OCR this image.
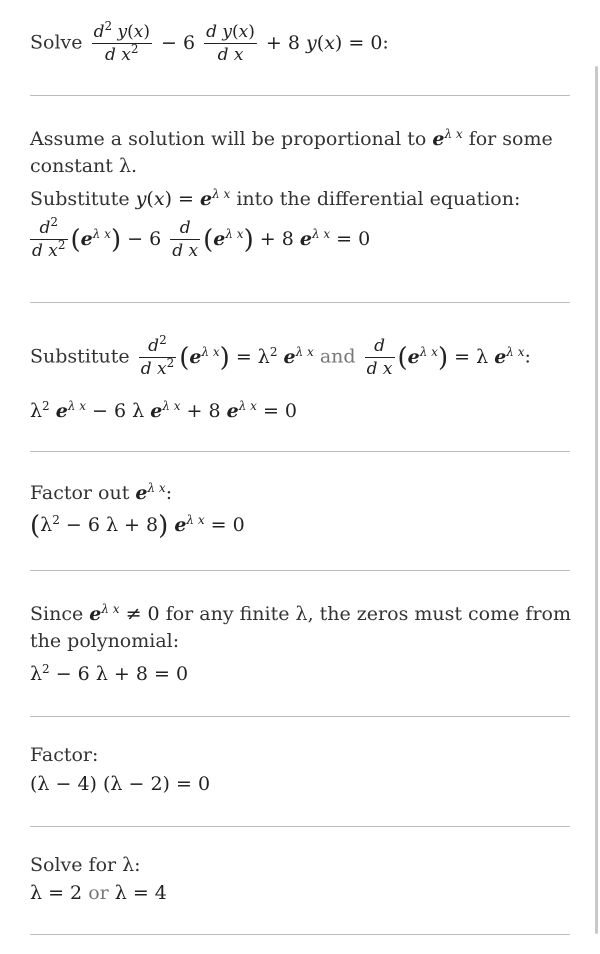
Solve $\frac{d^2 y(x)}{d x^2} - 6 \frac{\text{d y(x)}}{\text{d x}} + 8$ y(x) = 0:
Assume a solution will be proportional to $e^{\lambda x}$ for some
constant λ.
Substitute $y(x) = e^{\lambda x}$ into the differential equation:
$\frac{d^2}{d x^2} (e^{\lambda x}) - 6 \frac{d}{\text{d x}} (e^{\lambda x}) + 8$ $e^{\lambda x} = 0$
Substitute $\frac{d^2}{d x^2} (e^{\lambda x}) = \lambda^2$ $e^{\lambda x}$ and $\frac{d}{\text{d x}} (e^{\lambda x}) = \lambda$ $e^{\lambda x}$:
$\lambda^2$ $e^{\lambda x} - 6$ λ $e^{\lambda x} + 8$ $e^{\lambda x} = 0$
Factor out $e^{\lambda x}$:
($\lambda^2 - 6$ λ + 8) $e^{\lambda x} = 0$
Since $e^{\lambda x} \ne 0$ for any finite λ, the zeros must come from
the polynomial:
$\lambda^2 - 6$ λ + 8 = 0
Factor:
(λ − 4) (λ − 2) = 0
Solve for λ:
λ = 2 or λ = 4
